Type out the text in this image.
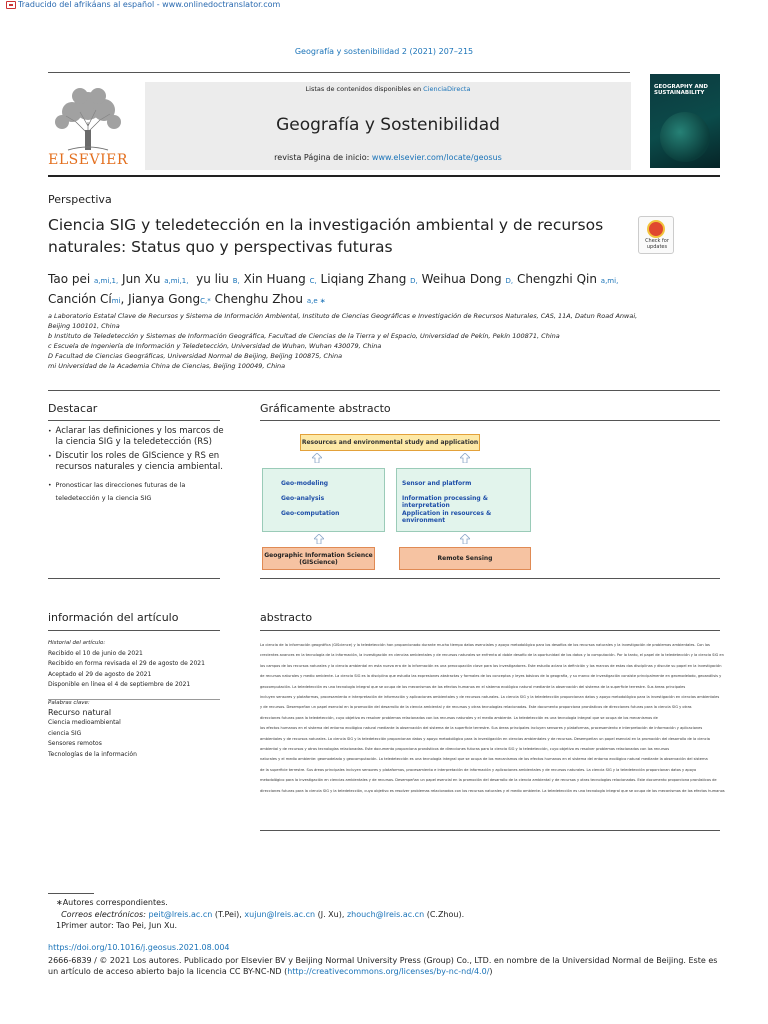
Traducido del afrikáans al español - www.onlinedoctranslator.com
Geografía y sostenibilidad 2 (2021) 207–215
ELSEVIER
Listas de contenidos disponibles en CienciaDirecta
Geografía y Sostenibilidad
revista Página de inicio: www.elsevier.com/locate/geosus
GEOGRAPHY AND SUSTAINABILITY
Perspectiva
Ciencia SIG y teledetección en la investigación ambiental y de recursos naturales: Status quo y perspectivas futuras	Check for updates
Tao pei a,mi,1, Jun Xu a,mi,1, yu liu B, Xin Huang C, Liqiang Zhang D, Weihua Dong D, Chengzhi Qin a,mi,
Canción Cími, Jianya GongC,* Chenghu Zhou a,e ∗
a Laboratorio Estatal Clave de Recursos y Sistema de Información Ambiental, Instituto de Ciencias Geográficas e Investigación de Recursos Naturales, CAS, 11A, Datun Road Anwai, Beijing 100101, China
b Instituto de Teledetección y Sistemas de Información Geográfica, Facultad de Ciencias de la Tierra y el Espacio, Universidad de Pekín, Pekín 100871, China
c Escuela de Ingeniería de Información y Teledetección, Universidad de Wuhan, Wuhan 430079, China
D Facultad de Ciencias Geográficas, Universidad Normal de Beijing, Beijing 100875, China
mi Universidad de la Academia China de Ciencias, Beijing 100049, China
Destacar
• Aclarar las definiciones y los marcos de la ciencia SIG y la teledetección (RS)
• Discutir los roles de GIScience y RS en recursos naturales y ciencia ambiental.
• Pronosticar las direcciones futuras de la teledetección y la ciencia SIG
Gráficamente abstracto
Resources and environmental study and application
Geo-modeling
Geo-analysis
Geo-computation
Sensor and platform
Information processing & interpretation
Application in resources & environment
Geographic Information Science (GIScience)	Remote Sensing
información del artículo
Historial del artículo:
Recibido el 10 de junio de 2021
Recibido en forma revisada el 29 de agosto de 2021
Aceptado el 29 de agosto de 2021
Disponible en línea el 4 de septiembre de 2021
Palabras clave:
Recurso natural
Ciencia medioambiental
ciencia SIG
Sensores remotos
Tecnologías de la información
abstracto
La ciencia de la información geográfica (GIScience) y la teledetección han proporcionado durante mucho tiempo datos esenciales y apoyo metodológico para los desafíos de los recursos naturales y la investigación de problemas ambientales. Con los
crecientes avances en la tecnología de la información, la investigación en ciencias ambientales y de recursos naturales se enfrenta al doble desafío de la oportunidad de los datos y la computación. Por lo tanto, el papel de la teledetección y la ciencia SIG en
los campos de los recursos naturales y la ciencia ambiental en esta nueva era de la información es una preocupación clave para los investigadores. Este estudio aclara la definición y los marcos de estas dos disciplinas y discute su papel en la investigación
de recursos naturales y medio ambiente. La ciencia SIG es la disciplina que estudia las expresiones abstractas y formales de los conceptos y leyes básicos de la geografía, y su marco de investigación consiste principalmente en geomodelado, geoanálisis y
geocomputación. La teledetección es una tecnología integral que se ocupa de los mecanismos de los efectos humanos en el sistema ecológico natural mediante la observación del sistema de la superficie terrestre. Sus áreas principales
incluyen sensores y plataformas, procesamiento e interpretación de información y aplicaciones ambientales y de recursos naturales. La ciencia SIG y la teledetección proporcionan datos y apoyo metodológico para la investigación en ciencias ambientales
y de recursos. Desempeñan un papel esencial en la promoción del desarrollo de la ciencia ambiental y de recursos y otras tecnologías relacionadas. Este documento proporciona pronósticos de direcciones futuras para la ciencia SIG y otras
direcciones futuras para la teledetección, cuyo objetivo es resolver problemas relacionados con los recursos naturales y el medio ambiente. La teledetección es una tecnología integral que se ocupa de los mecanismos de
los efectos humanos en el sistema del entorno ecológico natural mediante la observación del sistema de la superficie terrestre. Sus áreas principales incluyen sensores y plataformas, procesamiento e interpretación de información y aplicaciones
ambientales y de recursos naturales. La ciencia SIG y la teledetección proporcionan datos y apoyo metodológico para la investigación en ciencias ambientales y de recursos. Desempeñan un papel esencial en la promoción del desarrollo de la ciencia
ambiental y de recursos y otras tecnologías relacionadas. Este documento proporciona pronósticos de direcciones futuras para la ciencia SIG y la teledetección, cuyo objetivo es resolver problemas relacionados con los recursos
naturales y el medio ambiente: geomodelado y geocomputación. La teledetección es una tecnología integral que se ocupa de los mecanismos de los efectos humanos en el sistema del entorno ecológico natural mediante la observación del sistema
de la superficie terrestre. Sus áreas principales incluyen sensores y plataformas, procesamiento e interpretación de información y aplicaciones ambientales y de recursos naturales. La ciencia SIG y la teledetección proporcionan datos y apoyo
metodológico para la investigación en ciencias ambientales y de recursos. Desempeñan un papel esencial en la promoción del desarrollo de la ciencia ambiental y de recursos y otras tecnologías relacionadas. Este documento proporciona pronósticos de
direcciones futuras para la ciencia SIG y la teledetección, cuyo objetivo es resolver problemas relacionados con los recursos naturales y el medio ambiente. La teledetección es una tecnología integral que se ocupa de los mecanismos de los efectos humanos
∗Autores correspondientes.
Correos electrónicos: peit@lreis.ac.cn (T.Pei), xujun@lreis.ac.cn (J. Xu), zhouch@lreis.ac.cn (C.Zhou).
1Primer autor: Tao Pei, Jun Xu.
https://doi.org/10.1016/j.geosus.2021.08.004
2666-6839 / © 2021 Los autores. Publicado por Elsevier BV y Beijing Normal University Press (Group) Co., LTD. en nombre de la Universidad Normal de Beijing. Este es un artículo de acceso abierto bajo la licencia CC BY-NC-ND (http://creativecommons.org/licenses/by-nc-nd/4.0/)
